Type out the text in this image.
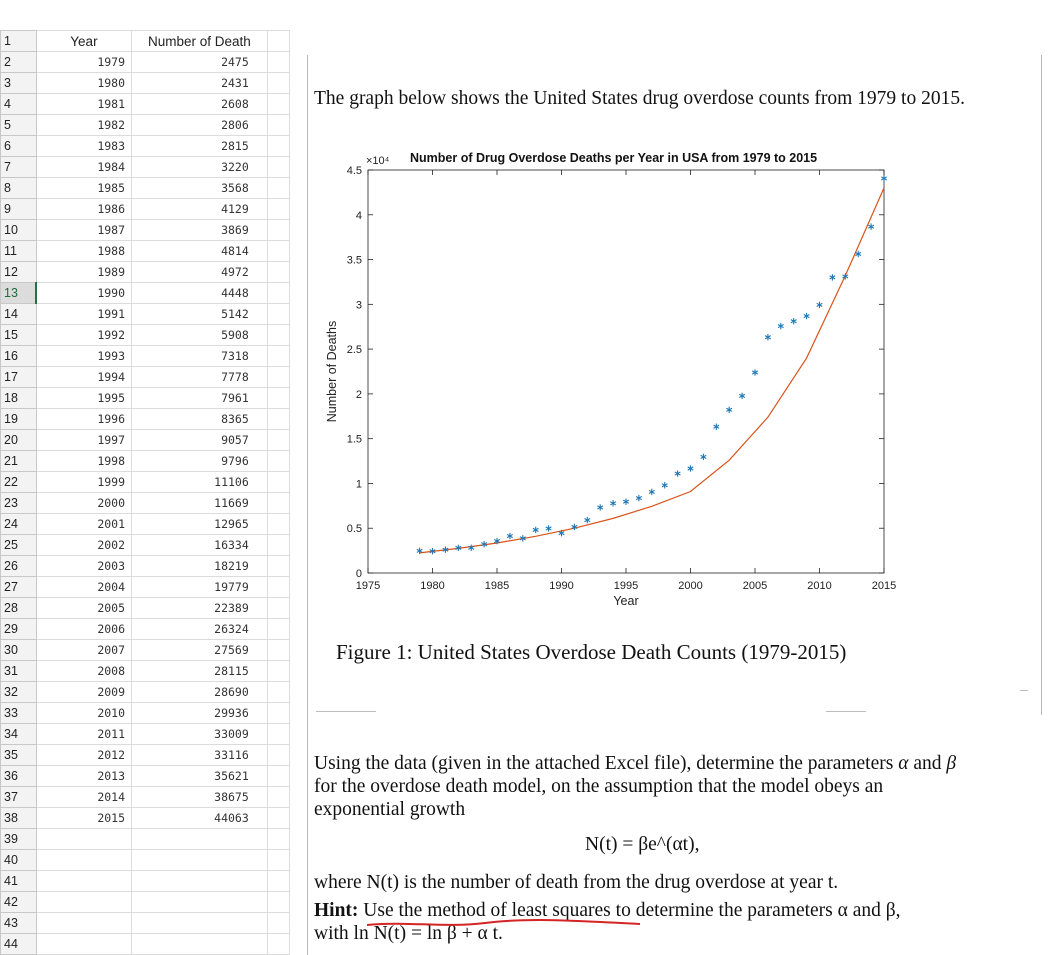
1	Year	Number of Death	
2	1979	2475	
3	1980	2431	
4	1981	2608	
5	1982	2806	
6	1983	2815	
7	1984	3220	
8	1985	3568	
9	1986	4129	
10	1987	3869	
11	1988	4814	
12	1989	4972	
13	1990	4448	
14	1991	5142	
15	1992	5908	
16	1993	7318	
17	1994	7778	
18	1995	7961	
19	1996	8365	
20	1997	9057	
21	1998	9796	
22	1999	11106	
23	2000	11669	
24	2001	12965	
25	2002	16334	
26	2003	18219	
27	2004	19779	
28	2005	22389	
29	2006	26324	
30	2007	27569	
31	2008	28115	
32	2009	28690	
33	2010	29936	
34	2011	33009	
35	2012	33116	
36	2013	35621	
37	2014	38675	
38	2015	44063	
39			
40			
41			
42			
43			
44			

The graph below shows the United States drug overdose counts from 1979 to 2015.

1975	1980	1985	1990	1995	2000	2005	2010	2015
0
0.5
1
1.5
2
2.5
3
3.5
4
4.5
×10⁴ Number of Drug Overdose Deaths per Year in USA from 1979 to 2015
Year
Number of Deaths

Figure 1: United States Overdose Death Counts (1979-2015)

Using the data (given in the attached Excel file), determine the parameters α and β for the overdose death model, on the assumption that the model obeys an exponential growth

N(t) = βe^(αt),

where N(t) is the number of death from the drug overdose at year t.

Hint: Use the method of least squares to determine the parameters α and β,

with ln N(t) = ln β + α t.
